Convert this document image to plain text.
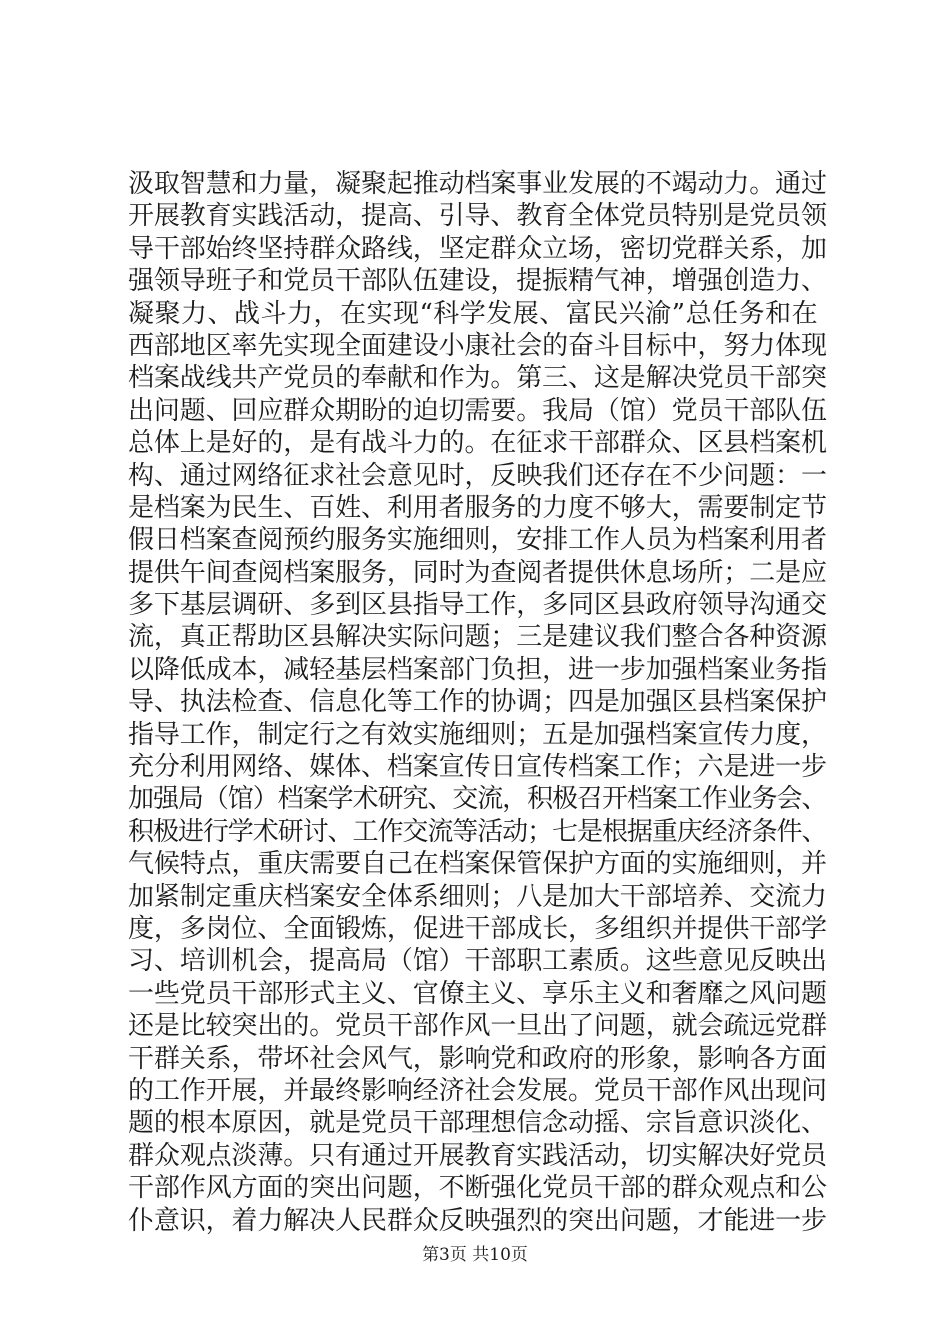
汲取智慧和力量，凝聚起推动档案事业发展的不竭动力。通过
开展教育实践活动，提高、引导、教育全体党员特别是党员领
导干部始终坚持群众路线，坚定群众立场，密切党群关系，加
强领导班子和党员干部队伍建设，提振精气神，增强创造力、
凝聚力、战斗力，在实现“科学发展、富民兴渝”总任务和在
西部地区率先实现全面建设小康社会的奋斗目标中，努力体现
档案战线共产党员的奉献和作为。第三、这是解决党员干部突
出问题、回应群众期盼的迫切需要。我局（馆）党员干部队伍
总体上是好的，是有战斗力的。在征求干部群众、区县档案机
构、通过网络征求社会意见时，反映我们还存在不少问题：一
是档案为民生、百姓、利用者服务的力度不够大，需要制定节
假日档案查阅预约服务实施细则，安排工作人员为档案利用者
提供午间查阅档案服务，同时为查阅者提供休息场所；二是应
多下基层调研、多到区县指导工作，多同区县政府领导沟通交
流，真正帮助区县解决实际问题；三是建议我们整合各种资源
以降低成本，减轻基层档案部门负担，进一步加强档案业务指
导、执法检查、信息化等工作的协调；四是加强区县档案保护
指导工作，制定行之有效实施细则；五是加强档案宣传力度，
充分利用网络、媒体、档案宣传日宣传档案工作；六是进一步
加强局（馆）档案学术研究、交流，积极召开档案工作业务会、
积极进行学术研讨、工作交流等活动；七是根据重庆经济条件、
气候特点，重庆需要自己在档案保管保护方面的实施细则，并
加紧制定重庆档案安全体系细则；八是加大干部培养、交流力
度，多岗位、全面锻炼，促进干部成长，多组织并提供干部学
习、培训机会，提高局（馆）干部职工素质。这些意见反映出
一些党员干部形式主义、官僚主义、享乐主义和奢靡之风问题
还是比较突出的。党员干部作风一旦出了问题，就会疏远党群
干群关系，带坏社会风气，影响党和政府的形象，影响各方面
的工作开展，并最终影响经济社会发展。党员干部作风出现问
题的根本原因，就是党员干部理想信念动摇、宗旨意识淡化、
群众观点淡薄。只有通过开展教育实践活动，切实解决好党员
干部作风方面的突出问题，不断强化党员干部的群众观点和公
仆意识，着力解决人民群众反映强烈的突出问题，才能进一步
第3页 共10页
